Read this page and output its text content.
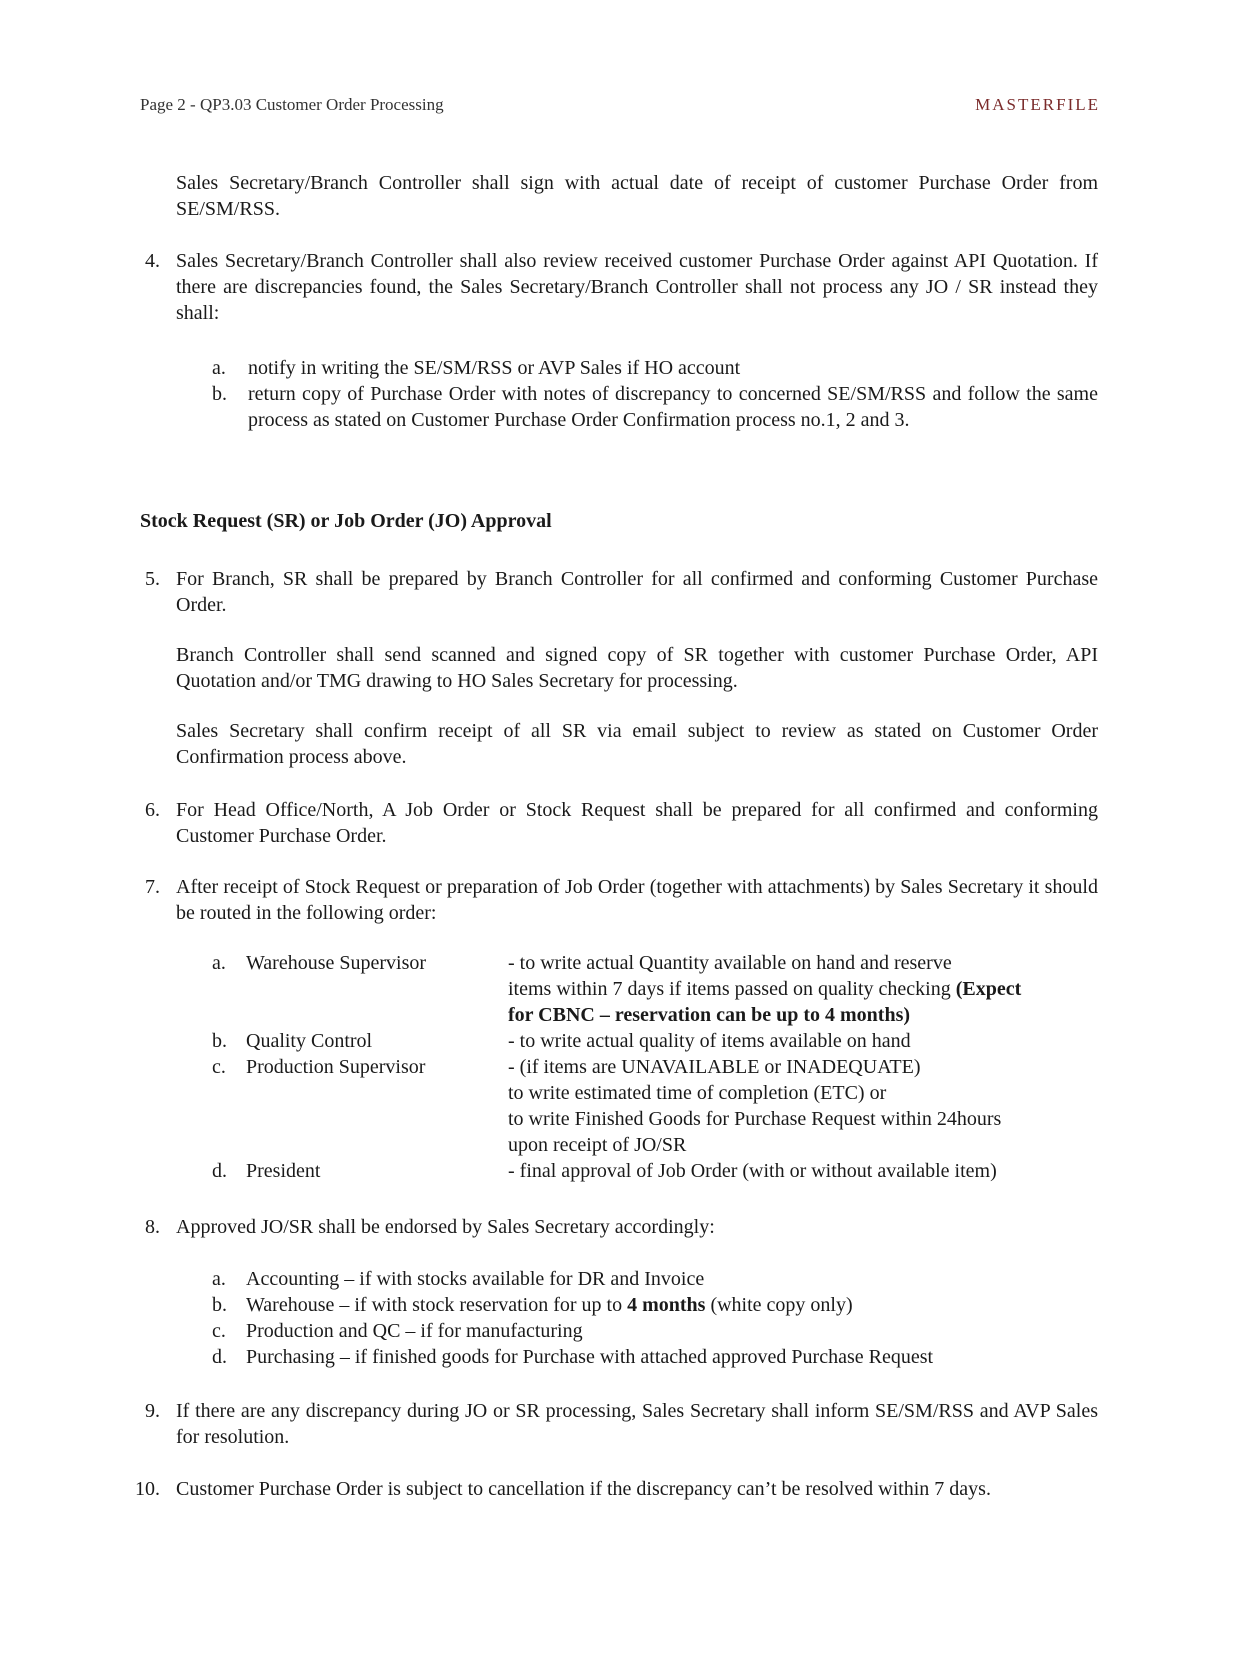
Page 2 - QP3.03 Customer Order Processing	MASTERFILE
Sales Secretary/Branch Controller shall sign with actual date of receipt of customer Purchase Order from SE/SM/RSS.
4. Sales Secretary/Branch Controller shall also review received customer Purchase Order against API Quotation. If there are discrepancies found, the Sales Secretary/Branch Controller shall not process any JO / SR instead they shall:
a. notify in writing the SE/SM/RSS or AVP Sales if HO account
b. return copy of Purchase Order with notes of discrepancy to concerned SE/SM/RSS and follow the same process as stated on Customer Purchase Order Confirmation process no.1, 2 and 3.
Stock Request (SR) or Job Order (JO) Approval
5. For Branch, SR shall be prepared by Branch Controller for all confirmed and conforming Customer Purchase Order.
Branch Controller shall send scanned and signed copy of SR together with customer Purchase Order, API Quotation and/or TMG drawing to HO Sales Secretary for processing.
Sales Secretary shall confirm receipt of all SR via email subject to review as stated on Customer Order Confirmation process above.
6. For Head Office/North, A Job Order or Stock Request shall be prepared for all confirmed and conforming Customer Purchase Order.
7. After receipt of Stock Request or preparation of Job Order (together with attachments) by Sales Secretary it should be routed in the following order:
a. Warehouse Supervisor	- to write actual Quantity available on hand and reserve
items within 7 days if items passed on quality checking (Expect
for CBNC – reservation can be up to 4 months)
b. Quality Control	- to write actual quality of items available on hand
c. Production Supervisor	- (if items are UNAVAILABLE or INADEQUATE)
to write estimated time of completion (ETC) or
to write Finished Goods for Purchase Request within 24hours
upon receipt of JO/SR
d. President	- final approval of Job Order (with or without available item)
8. Approved JO/SR shall be endorsed by Sales Secretary accordingly:
a. Accounting – if with stocks available for DR and Invoice
b. Warehouse – if with stock reservation for up to 4 months (white copy only)
c. Production and QC – if for manufacturing
d. Purchasing – if finished goods for Purchase with attached approved Purchase Request
9. If there are any discrepancy during JO or SR processing, Sales Secretary shall inform SE/SM/RSS and AVP Sales for resolution.
10. Customer Purchase Order is subject to cancellation if the discrepancy can’t be resolved within 7 days.
